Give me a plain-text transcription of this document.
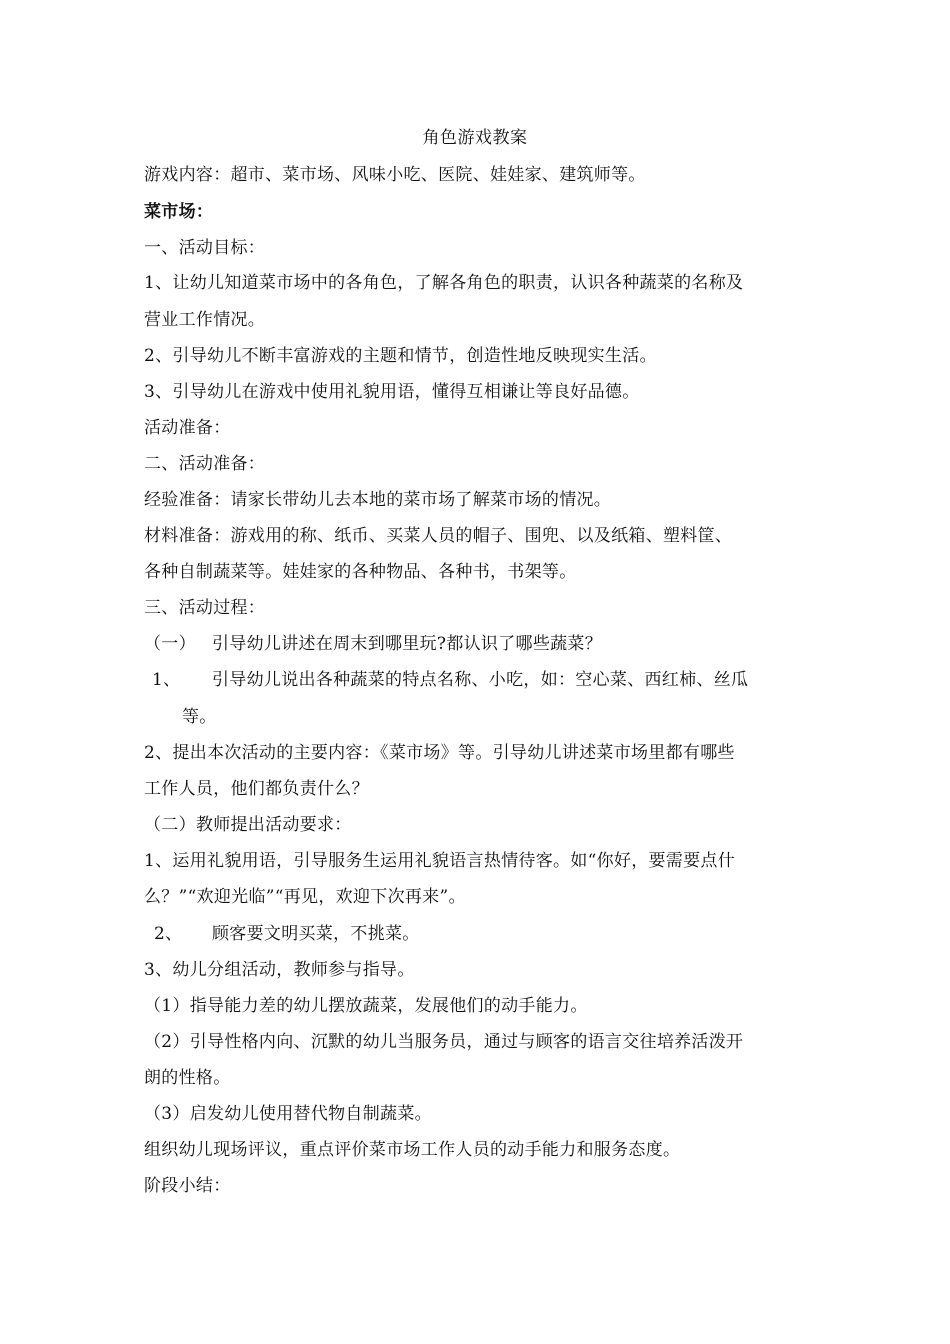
角色游戏教案
游戏内容：超市、菜市场、风味小吃、医院、娃娃家、建筑师等。
菜市场：
一、活动目标：
1、让幼儿知道菜市场中的各角色，了解各角色的职责，认识各种蔬菜的名称及
营业工作情况。
2、引导幼儿不断丰富游戏的主题和情节，创造性地反映现实生活。
3、引导幼儿在游戏中使用礼貌用语，懂得互相谦让等良好品德。
活动准备：
二、活动准备：
经验准备：请家长带幼儿去本地的菜市场了解菜市场的情况。
材料准备：游戏用的称、纸币、买菜人员的帽子、围兜、以及纸箱、塑料筐、
各种自制蔬菜等。娃娃家的各种物品、各种书，书架等。
三、活动过程：
（一） 引导幼儿讲述在周末到哪里玩?都认识了哪些蔬菜？
1、 引导幼儿说出各种蔬菜的特点名称、小吃，如：空心菜、西红柿、丝瓜
等。
2、提出本次活动的主要内容：《菜市场》等。引导幼儿讲述菜市场里都有哪些
工作人员，他们都负责什么？
（二）教师提出活动要求：
1、运用礼貌用语，引导服务生运用礼貌语言热情待客。如“你好，要需要点什
么？”“欢迎光临”“再见，欢迎下次再来”。
2、 顾客要文明买菜，不挑菜。
3、幼儿分组活动，教师参与指导。
（1）指导能力差的幼儿摆放蔬菜，发展他们的动手能力。
（2）引导性格内向、沉默的幼儿当服务员，通过与顾客的语言交往培养活泼开
朗的性格。
（3）启发幼儿使用替代物自制蔬菜。
组织幼儿现场评议，重点评价菜市场工作人员的动手能力和服务态度。
阶段小结：
